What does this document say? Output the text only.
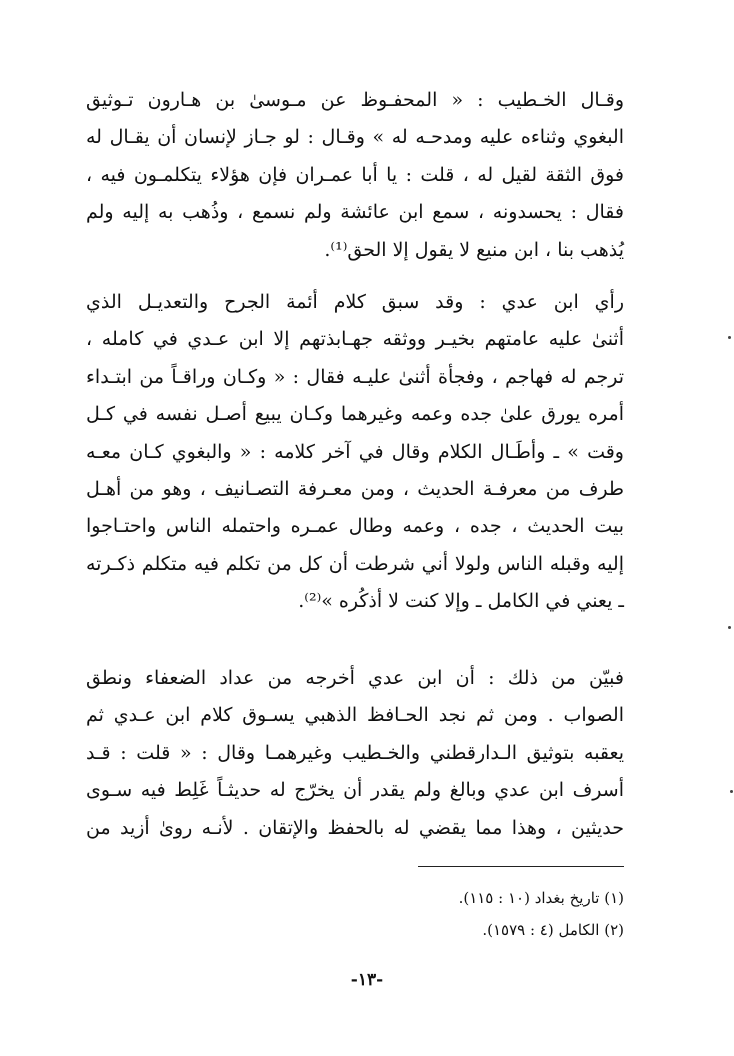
وقـال الخـطيب : « المحفـوظ عن مـوسىٰ بن هـارون تـوثيق
البغوي وثناءه عليه ومدحـه له » وقـال : لو جـاز لإنسان أن يقـال له
فوق الثقة لقيل له ، قلت : يا أبا عمـران فإن هؤلاء يتكلمـون فيه ،
فقال : يحسدونه ، سمع ابن عائشة ولم نسمع ، وذُهب به إليه ولم
يُذهب بنا ، ابن منيع لا يقول إلا الحق⁽¹⁾.
رأي ابن عدي : وقد سبق كلام أئمة الجرح والتعديـل الذي
أثنىٰ عليه عامتهم بخيـر ووثقه جهـابذتهم إلا ابن عـدي في كامله ،
ترجم له فهاجم ، وفجأة أثنىٰ عليـه فقال : « وكـان وراقـاً من ابتـداء
أمره يورق علىٰ جده وعمه وغيرهما وكـان يبيع أصـل نفسه في كـل
وقت » ـ وأطَـال الكلام وقال في آخر كلامه : « والبغوي كـان معـه
طرف من معرفـة الحديث ، ومن معـرفة التصـانيف ، وهو من أهـل
بيت الحديث ، جده ، وعمه وطال عمـره واحتمله الناس واحتـاجوا
إليه وقبله الناس ولولا أني شرطت أن كل من تكلم فيه متكلم ذكـرته
ـ يعني في الكامل ـ وإلا كنت لا أذكُره »⁽²⁾.
فبيّن من ذلك : أن ابن عدي أخرجه من عداد الضعفاء ونطق
الصواب . ومن ثم نجد الحـافظ الذهبي يسـوق كلام ابن عـدي ثم
يعقبه بتوثيق الـدارقطني والخـطيب وغيرهمـا وقال : « قلت : قـد
أسرف ابن عدي وبالغ ولم يقدر أن يخرّج له حديثـاً غَلِط فيه سـوى
حديثين ، وهذا مما يقضي له بالحفظ والإتقان . لأنـه روىٰ أزيد من
(١) تاريخ بغداد (١٠ : ١١٥).
(٢) الكامل (٤ : ١٥٧٩).
-١٣-
